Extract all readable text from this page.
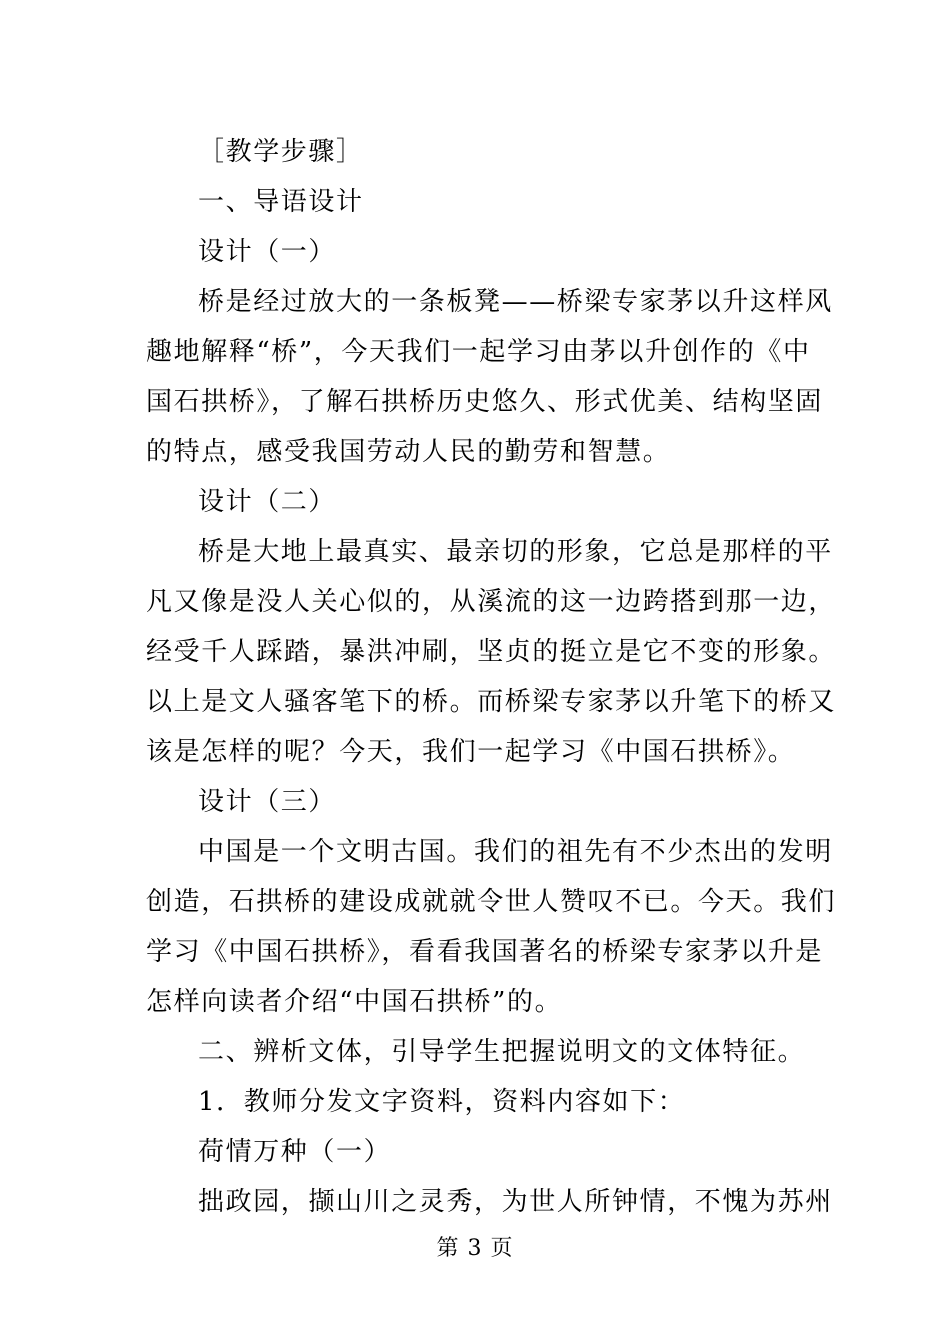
［教学步骤］
一、导语设计
设计（一）
桥是经过放大的一条板凳——桥梁专家茅以升这样风
趣地解释“桥”，今天我们一起学习由茅以升创作的《中
国石拱桥》，了解石拱桥历史悠久、形式优美、结构坚固
的特点，感受我国劳动人民的勤劳和智慧。
设计（二）
桥是大地上最真实、最亲切的形象，它总是那样的平
凡又像是没人关心似的，从溪流的这一边跨搭到那一边，
经受千人踩踏，暴洪冲刷，坚贞的挺立是它不变的形象。
以上是文人骚客笔下的桥。而桥梁专家茅以升笔下的桥又
该是怎样的呢？今天，我们一起学习《中国石拱桥》。
设计（三）
中国是一个文明古国。我们的祖先有不少杰出的发明
创造，石拱桥的建设成就就令世人赞叹不已。今天。我们
学习《中国石拱桥》，看看我国著名的桥梁专家茅以升是
怎样向读者介绍“中国石拱桥”的。
二、辨析文体，引导学生把握说明文的文体特征。
1．教师分发文字资料，资料内容如下：
荷情万种（一）
拙政园，撷山川之灵秀，为世人所钟情，不愧为苏州
第 3 页
